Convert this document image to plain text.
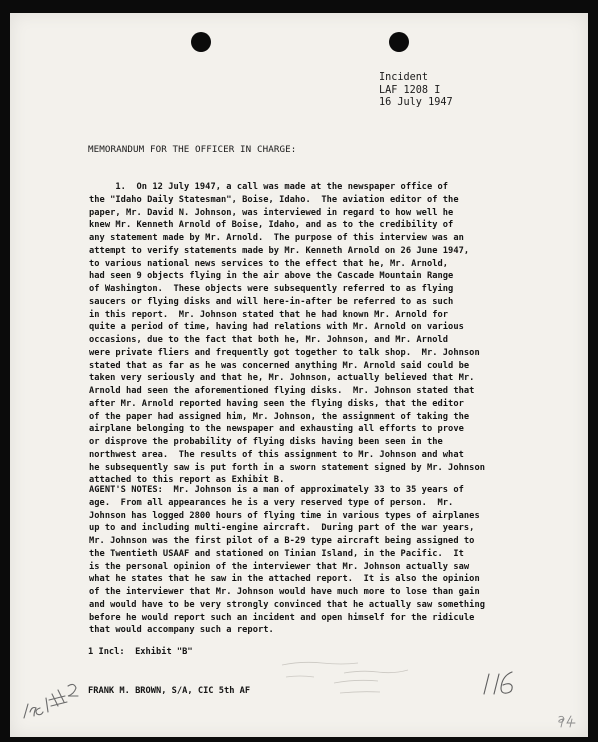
Incident
LAF 1208 I
16 July 1947
MEMORANDUM FOR THE OFFICER IN CHARGE:
1.  On 12 July 1947, a call was made at the newspaper office of
the "Idaho Daily Statesman", Boise, Idaho.  The aviation editor of the
paper, Mr. David N. Johnson, was interviewed in regard to how well he
knew Mr. Kenneth Arnold of Boise, Idaho, and as to the credibility of
any statement made by Mr. Arnold.  The purpose of this interview was an
attempt to verify statements made by Mr. Kenneth Arnold on 26 June 1947,
to various national news services to the effect that he, Mr. Arnold,
had seen 9 objects flying in the air above the Cascade Mountain Range
of Washington.  These objects were subsequently referred to as flying
saucers or flying disks and will here-in-after be referred to as such
in this report.  Mr. Johnson stated that he had known Mr. Arnold for
quite a period of time, having had relations with Mr. Arnold on various
occasions, due to the fact that both he, Mr. Johnson, and Mr. Arnold
were private fliers and frequently got together to talk shop.  Mr. Johnson
stated that as far as he was concerned anything Mr. Arnold said could be
taken very seriously and that he, Mr. Johnson, actually believed that Mr.
Arnold had seen the aforementioned flying disks.  Mr. Johnson stated that
after Mr. Arnold reported having seen the flying disks, that the editor
of the paper had assigned him, Mr. Johnson, the assignment of taking the
airplane belonging to the newspaper and exhausting all efforts to prove
or disprove the probability of flying disks having been seen in the
northwest area.  The results of this assignment to Mr. Johnson and what
he subsequently saw is put forth in a sworn statement signed by Mr. Johnson
attached to this report as Exhibit B.
AGENT'S NOTES:  Mr. Johnson is a man of approximately 33 to 35 years of
age.  From all appearances he is a very reserved type of person.  Mr.
Johnson has logged 2800 hours of flying time in various types of airplanes
up to and including multi-engine aircraft.  During part of the war years,
Mr. Johnson was the first pilot of a B-29 type aircraft being assigned to
the Twentieth USAAF and stationed on Tinian Island, in the Pacific.  It
is the personal opinion of the interviewer that Mr. Johnson actually saw
what he states that he saw in the attached report.  It is also the opinion
of the interviewer that Mr. Johnson would have much more to lose than gain
and would have to be very strongly convinced that he actually saw something
before he would report such an incident and open himself for the ridicule
that would accompany such a report.
1 Incl:  Exhibit "B"
FRANK M. BROWN, S/A, CIC 5th AF
